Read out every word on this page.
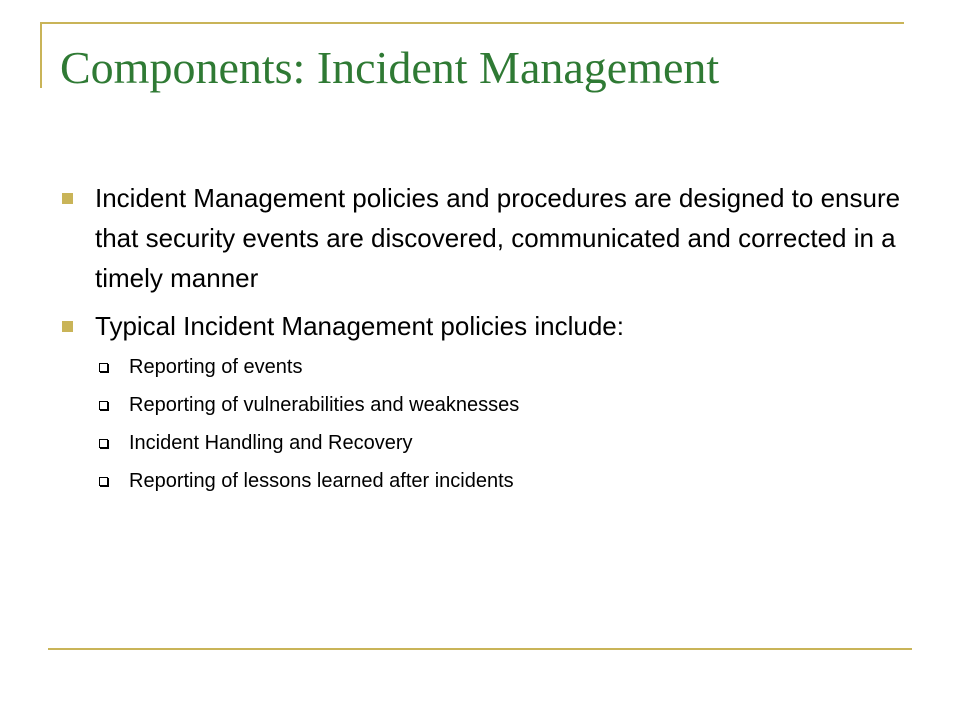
Components: Incident Management
Incident Management policies and procedures are designed to ensure that security events are discovered, communicated and corrected in a timely manner
Typical Incident Management policies include:
Reporting of events
Reporting of vulnerabilities and weaknesses
Incident Handling and Recovery
Reporting of lessons learned after incidents
